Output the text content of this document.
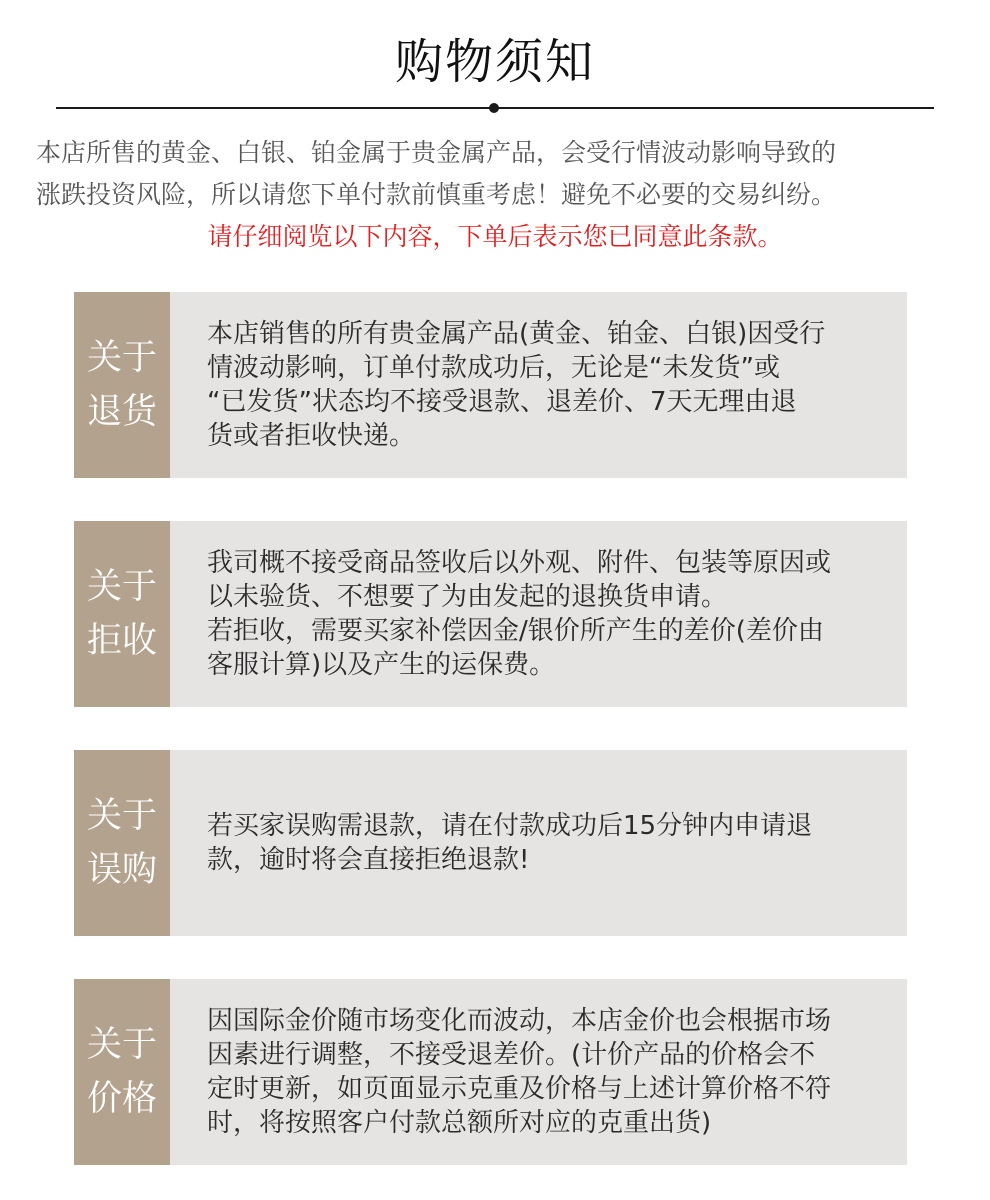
购物须知
本店所售的黄金、白银、铂金属于贵金属产品，会受行情波动影响导致的
涨跌投资风险，所以请您下单付款前慎重考虑！避免不必要的交易纠纷。
请仔细阅览以下内容，下单后表示您已同意此条款。
关于
退货
本店销售的所有贵金属产品(黄金、铂金、白银)因受行
情波动影响，订单付款成功后，无论是“未发货”或
“已发货”状态均不接受退款、退差价、7天无理由退
货或者拒收快递。
关于
拒收
我司概不接受商品签收后以外观、附件、包装等原因或
以未验货、不想要了为由发起的退换货申请。
若拒收，需要买家补偿因金/银价所产生的差价(差价由
客服计算)以及产生的运保费。
关于
误购
若买家误购需退款，请在付款成功后15分钟内申请退
款，逾时将会直接拒绝退款!
关于
价格
因国际金价随市场变化而波动，本店金价也会根据市场
因素进行调整，不接受退差价。(计价产品的价格会不
定时更新，如页面显示克重及价格与上述计算价格不符
时，将按照客户付款总额所对应的克重出货)
